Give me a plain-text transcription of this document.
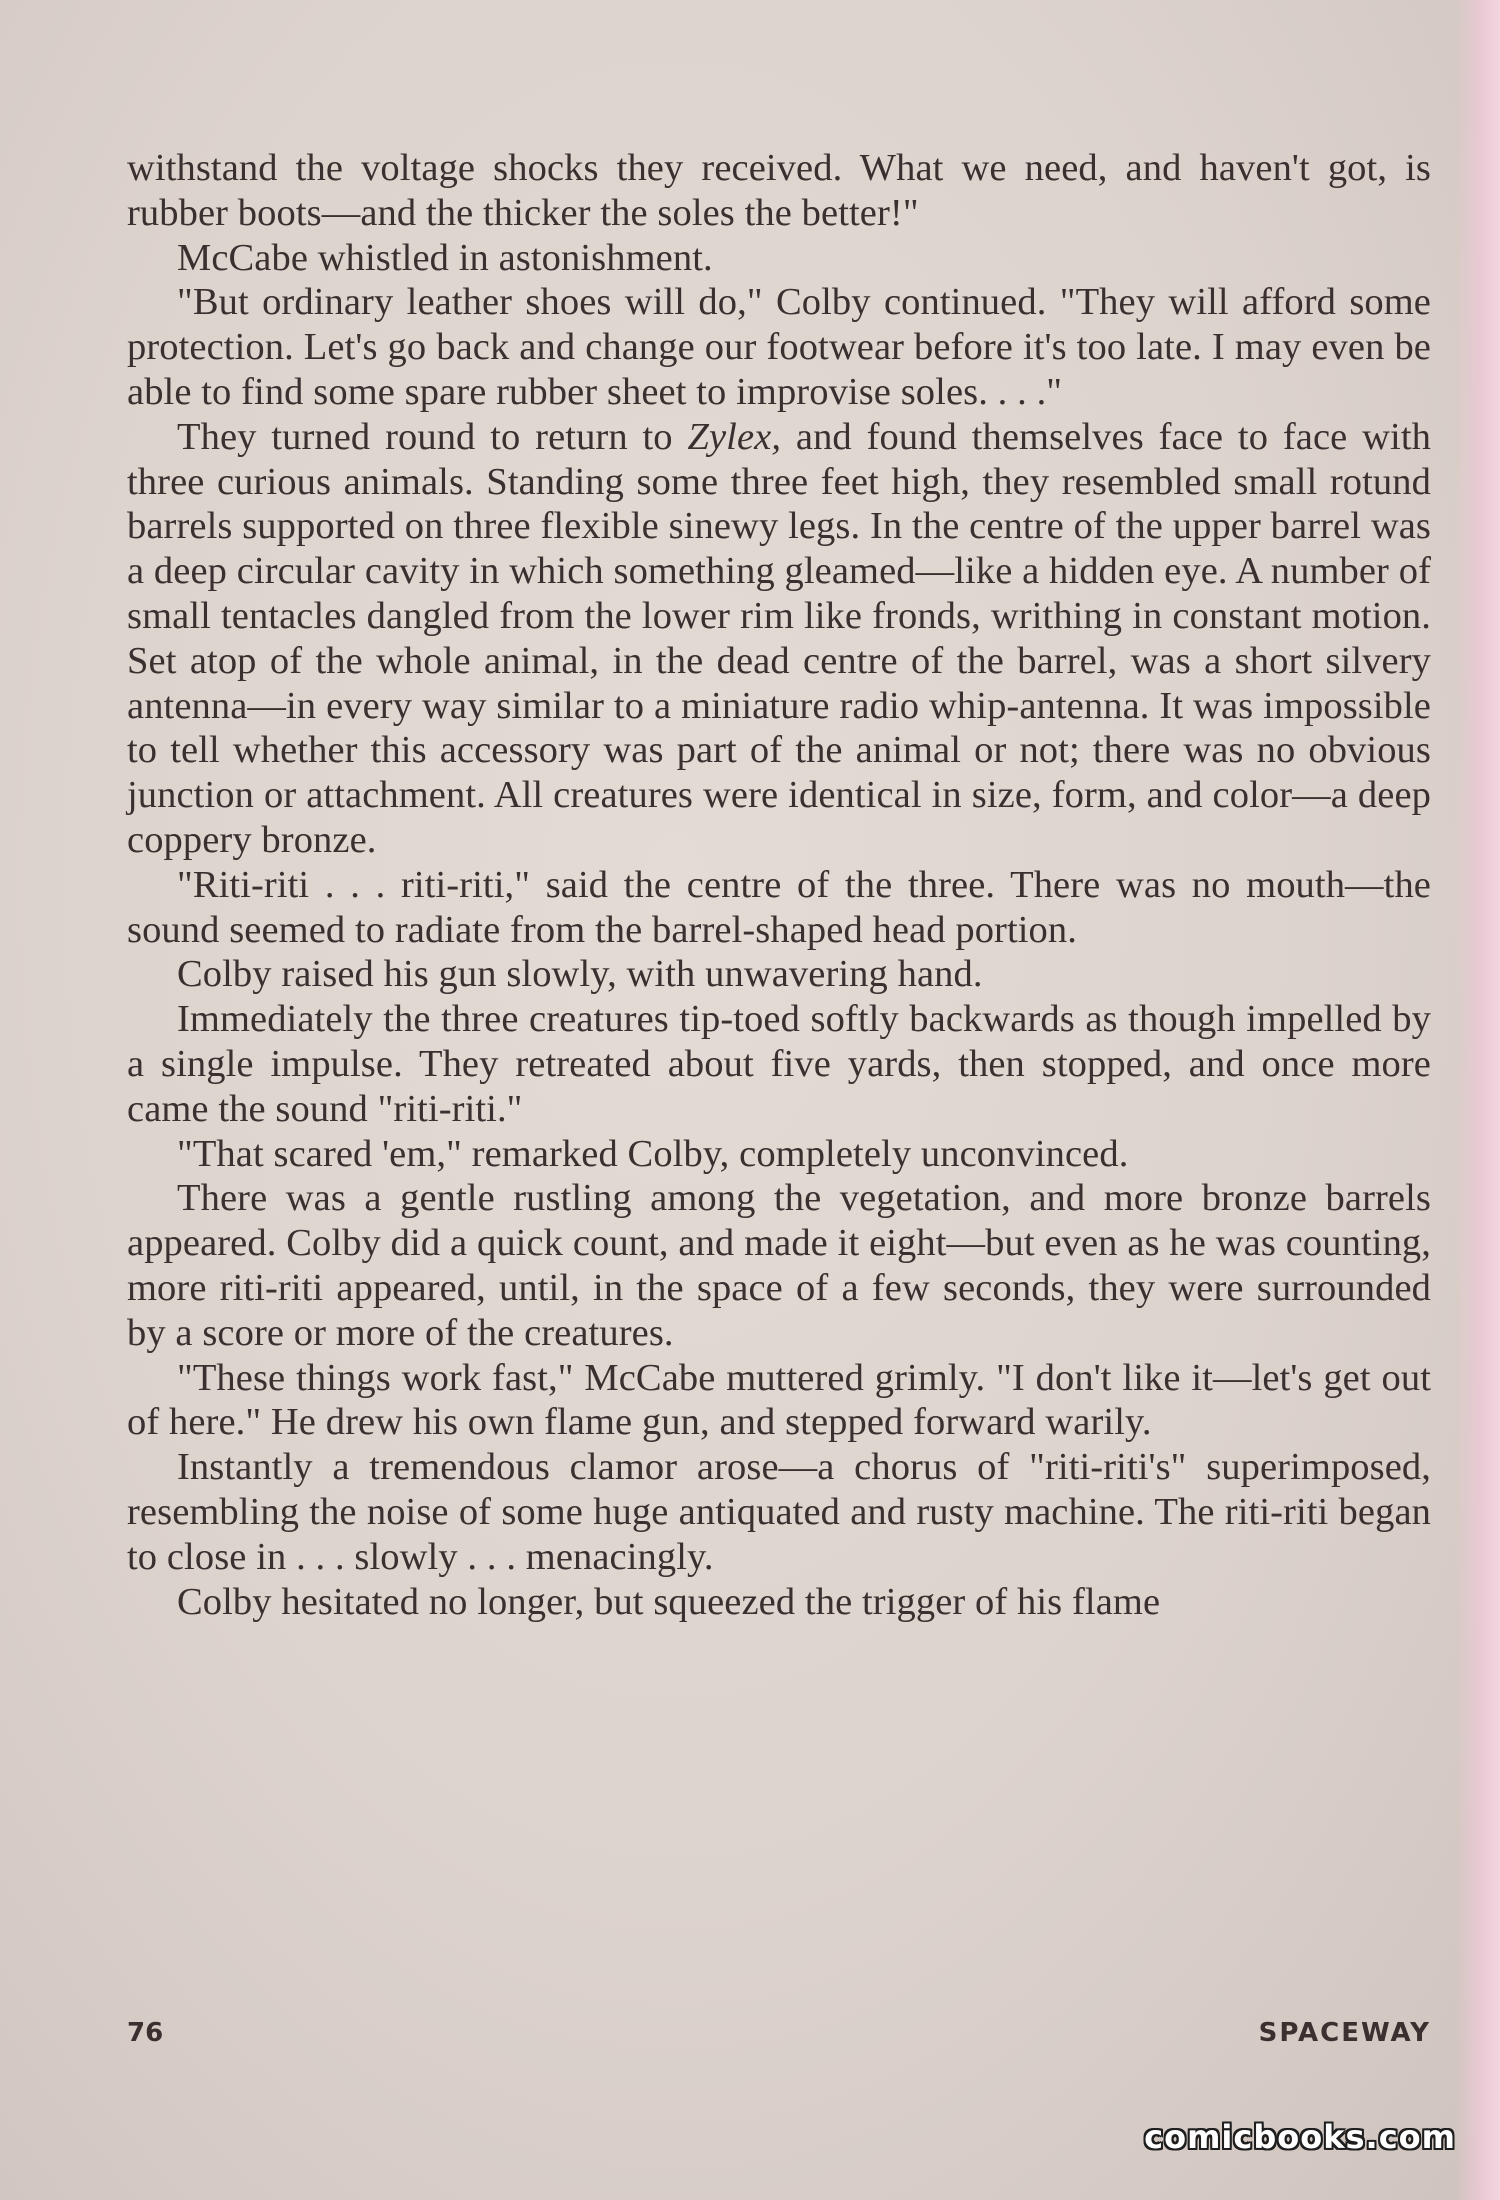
withstand the voltage shocks they received. What we need, and haven't got, is rubber boots—and the thicker the soles the better!"

McCabe whistled in astonishment.

"But ordinary leather shoes will do," Colby continued. "They will afford some protection. Let's go back and change our footwear before it's too late. I may even be able to find some spare rubber sheet to improvise soles. . . ."

They turned round to return to Zylex, and found themselves face to face with three curious animals. Standing some three feet high, they resembled small rotund barrels supported on three flexible sinewy legs. In the centre of the upper barrel was a deep circular cavity in which something gleamed—like a hidden eye. A number of small tentacles dangled from the lower rim like fronds, writhing in constant motion. Set atop of the whole animal, in the dead centre of the barrel, was a short silvery antenna—in every way similar to a miniature radio whip-antenna. It was impossible to tell whether this accessory was part of the animal or not; there was no obvious junction or attachment. All creatures were identical in size, form, and color—a deep coppery bronze.

"Riti-riti . . . riti-riti," said the centre of the three. There was no mouth—the sound seemed to radiate from the barrel-shaped head portion.

Colby raised his gun slowly, with unwavering hand.

Immediately the three creatures tip-toed softly backwards as though impelled by a single impulse. They retreated about five yards, then stopped, and once more came the sound "riti-riti."

"That scared 'em," remarked Colby, completely unconvinced.

There was a gentle rustling among the vegetation, and more bronze barrels appeared. Colby did a quick count, and made it eight—but even as he was counting, more riti-riti appeared, until, in the space of a few seconds, they were surrounded by a score or more of the creatures.

"These things work fast," McCabe muttered grimly. "I don't like it—let's get out of here." He drew his own flame gun, and stepped forward warily.

Instantly a tremendous clamor arose—a chorus of "riti-riti's" superimposed, resembling the noise of some huge antiquated and rusty machine. The riti-riti began to close in . . . slowly . . . menacingly.

Colby hesitated no longer, but squeezed the trigger of his flame

76	SPACEWAY
comicbooks.com
